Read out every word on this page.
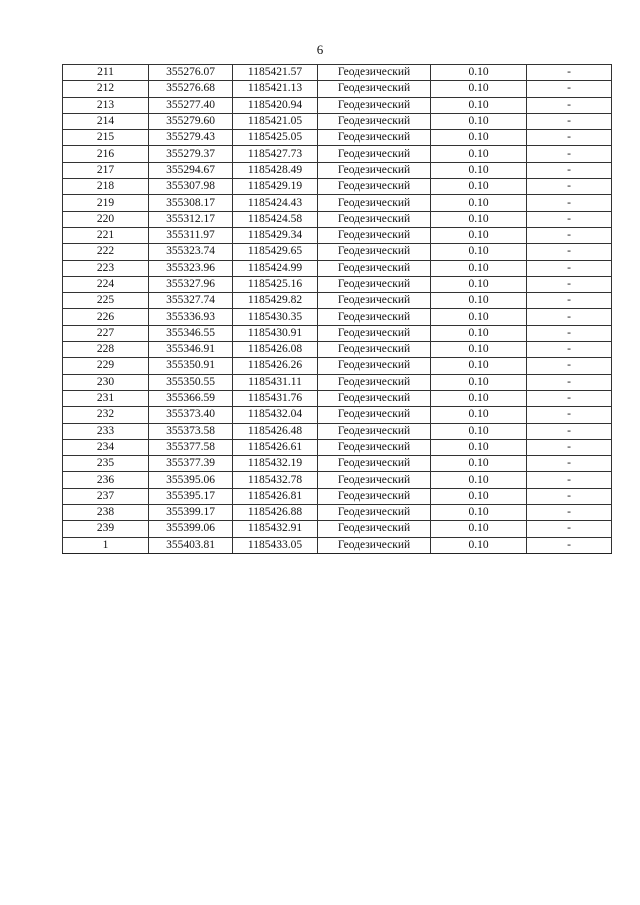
6
211	355276.07	1185421.57	Геодезический	0.10	-
212	355276.68	1185421.13	Геодезический	0.10	-
213	355277.40	1185420.94	Геодезический	0.10	-
214	355279.60	1185421.05	Геодезический	0.10	-
215	355279.43	1185425.05	Геодезический	0.10	-
216	355279.37	1185427.73	Геодезический	0.10	-
217	355294.67	1185428.49	Геодезический	0.10	-
218	355307.98	1185429.19	Геодезический	0.10	-
219	355308.17	1185424.43	Геодезический	0.10	-
220	355312.17	1185424.58	Геодезический	0.10	-
221	355311.97	1185429.34	Геодезический	0.10	-
222	355323.74	1185429.65	Геодезический	0.10	-
223	355323.96	1185424.99	Геодезический	0.10	-
224	355327.96	1185425.16	Геодезический	0.10	-
225	355327.74	1185429.82	Геодезический	0.10	-
226	355336.93	1185430.35	Геодезический	0.10	-
227	355346.55	1185430.91	Геодезический	0.10	-
228	355346.91	1185426.08	Геодезический	0.10	-
229	355350.91	1185426.26	Геодезический	0.10	-
230	355350.55	1185431.11	Геодезический	0.10	-
231	355366.59	1185431.76	Геодезический	0.10	-
232	355373.40	1185432.04	Геодезический	0.10	-
233	355373.58	1185426.48	Геодезический	0.10	-
234	355377.58	1185426.61	Геодезический	0.10	-
235	355377.39	1185432.19	Геодезический	0.10	-
236	355395.06	1185432.78	Геодезический	0.10	-
237	355395.17	1185426.81	Геодезический	0.10	-
238	355399.17	1185426.88	Геодезический	0.10	-
239	355399.06	1185432.91	Геодезический	0.10	-
1	355403.81	1185433.05	Геодезический	0.10	-
